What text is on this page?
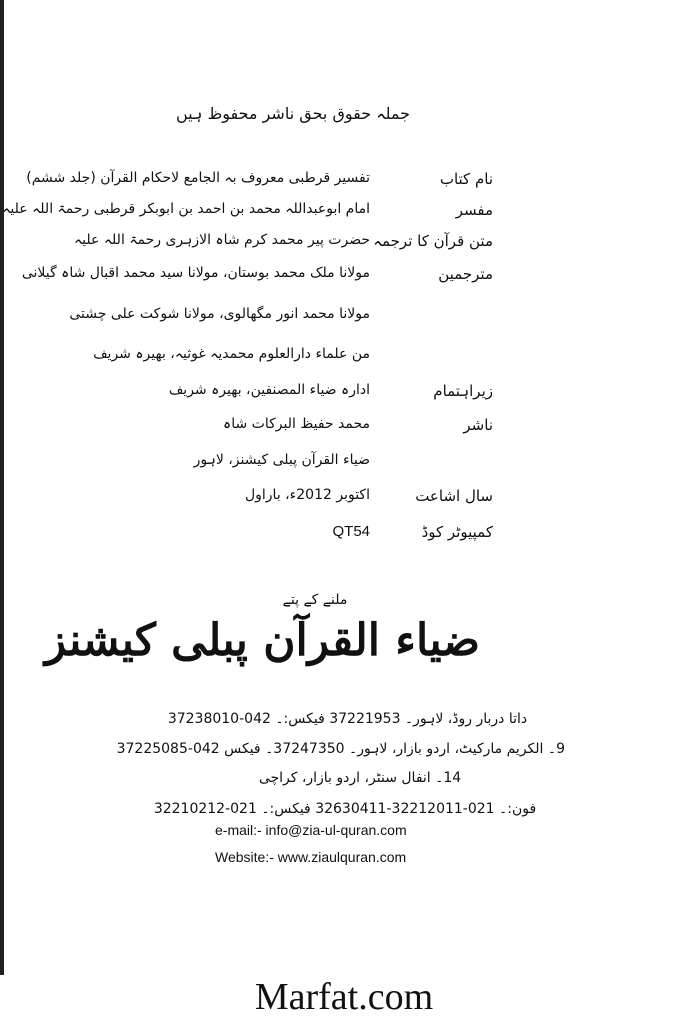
جملہ حقوق بحق ناشر محفوظ ہیں
نام کتاب
تفسیر قرطبی معروف بہ الجامع لاحکام القرآن (جلد ششم)
مفسر
امام ابوعبداللہ محمد بن احمد بن ابوبکر قرطبی رحمۃ اللہ علیہ
متن قرآن کا ترجمہ
حضرت پیر محمد کرم شاہ الازہری رحمۃ اللہ علیہ
مترجمین
مولانا ملک محمد بوستان، مولانا سید محمد اقبال شاہ گیلانی
مولانا محمد انور مگھالوی، مولانا شوکت علی چشتی
من علماء دارالعلوم محمدیہ غوثیہ، بھیرہ شریف
زیراہتمام
ادارہ ضیاء المصنفین، بھیرہ شریف
ناشر
محمد حفیظ البرکات شاہ
ضیاء القرآن پبلی کیشنز، لاہور
سال اشاعت
اکتوبر 2012ء، باراول
کمپیوٹر کوڈ
QT54
ملنے کے پتے
ضیاء القرآن پبلی کیشنز
داتا دربار روڈ، لاہور۔ 37221953 فیکس:۔ 042-37238010
9۔ الکریم مارکیٹ، اردو بازار، لاہور۔ 37247350۔ فیکس 042-37225085
14۔ انفال سنٹر، اردو بازار، کراچی
فون:۔ 021-32212011-32630411 فیکس:۔ 021-32210212
e-mail:- info@zia-ul-quran.com
Website:- www.ziaulquran.com
Marfat.com
